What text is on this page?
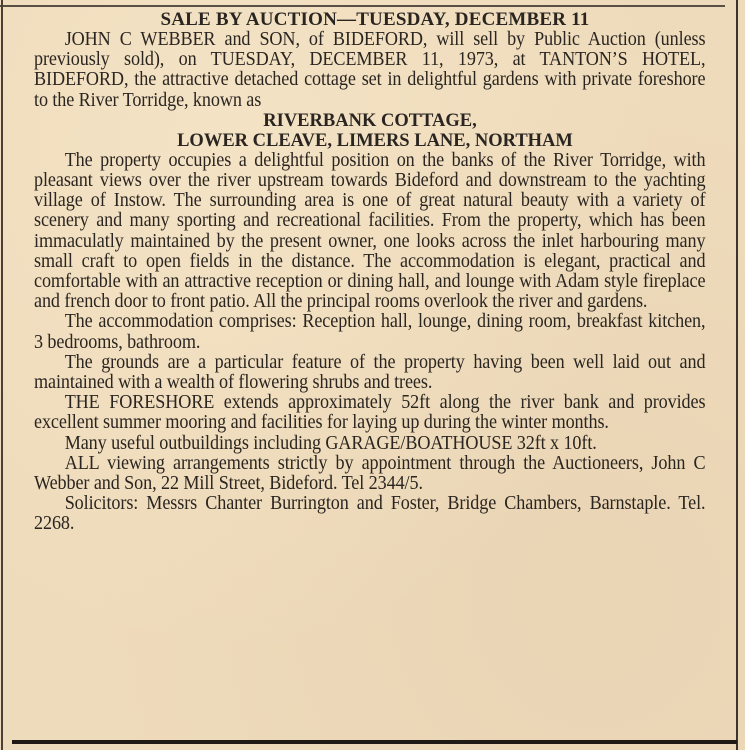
SALE BY AUCTION—TUESDAY, DECEMBER 11

JOHN C WEBBER and SON, of BIDEFORD, will sell by Public Auction (unless previously sold), on TUESDAY, DECEMBER 11, 1973, at TANTON’S HOTEL, BIDEFORD, the attractive detached cottage set in delightful gardens with private foreshore to the River Torridge, known as

RIVERBANK COTTAGE,
LOWER CLEAVE, LIMERS LANE, NORTHAM

The property occupies a delightful position on the banks of the River Torridge, with pleasant views over the river upstream towards Bideford and downstream to the yachting village of Instow. The surrounding area is one of great natural beauty with a variety of scenery and many sporting and recreational facilities. From the property, which has been immaculatly maintained by the present owner, one looks across the inlet harbouring many small craft to open fields in the distance. The accommodation is elegant, practical and comfortable with an attractive reception or dining hall, and lounge with Adam style fireplace and french door to front patio. All the principal rooms overlook the river and gardens.

The accommodation comprises: Reception hall, lounge, dining room, breakfast kitchen, 3 bedrooms, bathroom.

The grounds are a particular feature of the property having been well laid out and maintained with a wealth of flowering shrubs and trees.

THE FORESHORE extends approximately 52ft along the river bank and provides excellent summer mooring and facilities for laying up during the winter months.

Many useful outbuildings including GARAGE/BOATHOUSE 32ft x 10ft.

ALL viewing arrangements strictly by appointment through the Auctioneers, John C Webber and Son, 22 Mill Street, Bideford. Tel 2344/5.

Solicitors: Messrs Chanter Burrington and Foster, Bridge Chambers, Barnstaple. Tel. 2268.
